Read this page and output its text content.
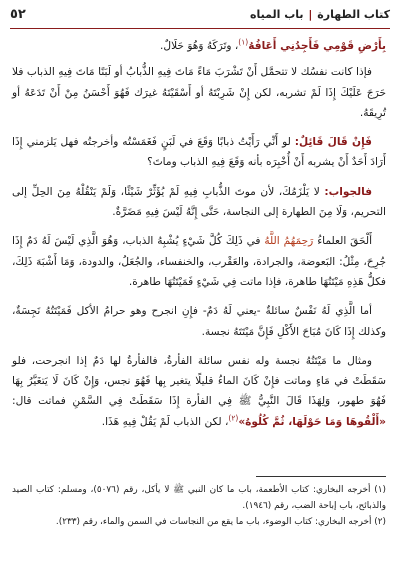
٥٢	كتاب الطهارة | باب المياه

بِأَرْضِ قَوْمِي فَأَجِدُنِي أَعَافُهُ$^{(١)}$، وتَرَكَهُ وَهُوَ حَلَالٌ.

فإذا كانت نفسُك لا تتحمَّل أَنْ تَشْرَبَ مَاءً مَاتَ فِيهِ الذُّبابُ أو لَبَنًا مَاتَ فِيهِ الذباب فلا حَرَجَ عَلَيْكَ إِذَا لَمْ تشربه، لكن إِنْ شَرِبْتَهُ أو أَسْقَيْتَهُ غيرَك فَهُوَ أَحْسَنُ مِنْ أَنْ تَدَعَهُ أو تُرِيقَهُ.

فَإِنْ قَالَ قَائِلٌ: لو أَنِّي رَأَيْتُ ذبابًا وَقَعَ في لَبَنٍ فَغَمَسْتُه وأخرجتُه فهل يَلزمني إِذَا أَرَادَ أَحَدٌ أَنْ يشربه أَنْ أُخْبِرَه بأنه وَقَعَ فِيهِ الذباب وماتَ؟

فالجواب: لا يَلْزَمُكَ، لأن موتَ الذُّبابِ فِيهِ لَمْ يُؤَثِّرْ شَيْئًا، وَلَمْ يَنْقُلْهُ مِنَ الحِلِّ إلى التحريم، وَلَا مِنَ الطهارة إلى النجاسة، حَتَّى إِنَّهُ لَيْسَ فِيهِ مَضَرَّةٌ.

أَلْحَقَ العلماءُ رَحِمَهُمُ اللَّهُ في ذَلِكَ كُلَّ شَيْءٍ يُشْبِهُ الذباب، وَهُوَ الَّذِي لَيْسَ لَهُ دَمٌ إِذَا جُرِحَ، مِثْلُ: البَعوضة، والجرادة، والعَقْرب، والخنفساء، والجُعَلُ، والدودة، وَمَا أَشْبَهَ ذَلِكَ، فكلُّ هَذِهِ مَيْتَتُهَا طاهرة، فإذا ماتت فِي شَيْءٍ فَمَيْتَتُهَا طاهرة.

أما الَّذِي لَهُ نَفْسٌ سائلةٌ -يعني لَهُ دَمٌ- فإِنِ انجرح وهو حرامُ الأكل فَمَيْتَتُهُ نَجِسَةٌ، وكذلك إِذَا كَانَ مُبَاحَ الأَكْلِ فَإِنَّ مَيْتَتَهُ نجسة.

ومثال ما مَيْتَتُهُ نجسة وله نفس سائلة الفأرةُ، فالفأرةُ لها دَمٌ إذا انجرحت، فلو سَقَطَتْ في مَاءٍ وماتت فإِنْ كَانَ الماءُ قليلًا يتغير بِها فَهُوَ نجس، وَإِنْ كَانَ لَا يَتغَيَّرُ بِهَا فَهُوَ طهور، وَلِهَذَا قَالَ النَّبِيُّ ﷺ فِي الفأرة إِذَا سَقَطَتْ فِي السَّمْنِ فماتت قال: «أَلْقُوهَا وَمَا حَوْلَهَا، ثُمَّ كُلُوهُ»$^{(٢)}$، لكن الذباب لَمْ يَقُلْ فِيهِ هَذَا.

(١) أخرجه البخاري: كتاب الأطعمة، باب ما كان النبي ﷺ لا يأكل، رقم (٥٠٧٦)، ومسلم: كتاب الصيد والذبائح، باب إباحة الضب، رقم (١٩٤٦).

(٢) أخرجه البخاري: كتاب الوضوء، باب ما يقع من النجاسات في السمن والماء، رقم (٢٣٣).
